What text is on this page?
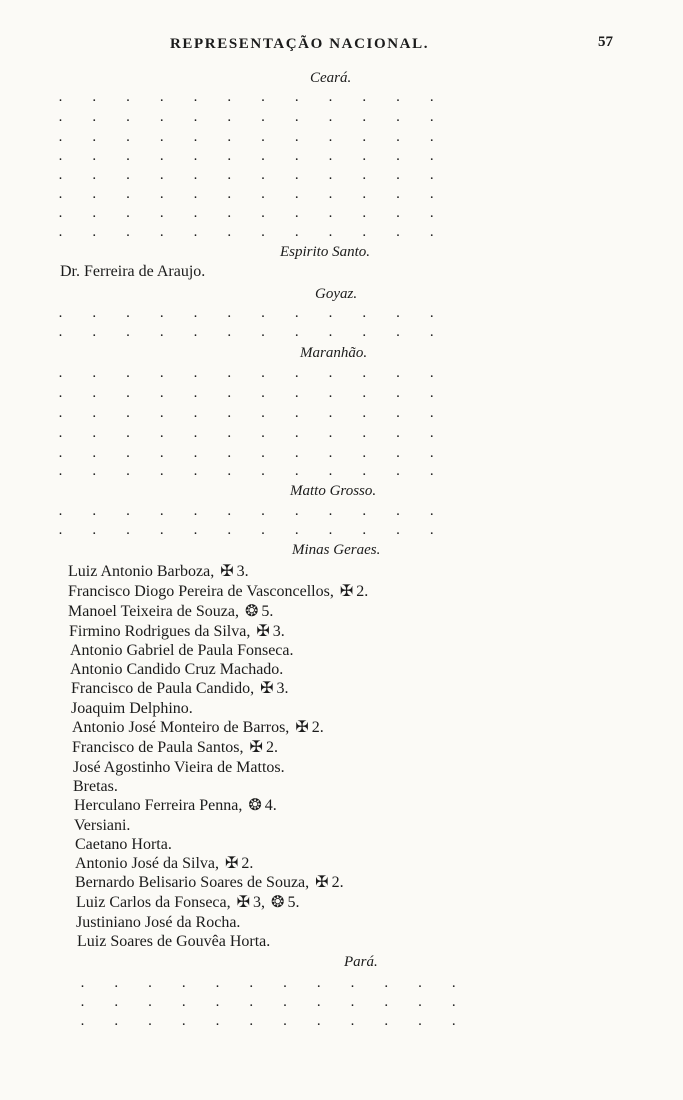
REPRESENTAÇÃO NACIONAL.	57
Ceará.
· · · · · · · · · · · ·
· · · · · · · · · · · ·
· · · · · · · · · · · ·
· · · · · · · · · · · ·
· · · · · · · · · · · ·
· · · · · · · · · · · ·
· · · · · · · · · · · ·
· · · · · · · · · · · ·
Espirito Santo.
Dr. Ferreira de Araujo.
Goyaz.
· · · · · · · · · · · ·
· · · · · · · · · · · ·
Maranhão.
· · · · · · · · · · · ·
· · · · · · · · · · · ·
· · · · · · · · · · · ·
· · · · · · · · · · · ·
· · · · · · · · · · · ·
· · · · · · · · · · · ·
Matto Grosso.
· · · · · · · · · · · ·
· · · · · · · · · · · ·
Minas Geraes.
Luiz Antonio Barboza, ✠ 3.
Francisco Diogo Pereira de Vasconcellos, ✠ 2.
Manoel Teixeira de Souza, ❂ 5.
Firmino Rodrigues da Silva, ✠ 3.
Antonio Gabriel de Paula Fonseca.
Antonio Candido Cruz Machado.
Francisco de Paula Candido, ✠ 3.
Joaquim Delphino.
Antonio José Monteiro de Barros, ✠ 2.
Francisco de Paula Santos, ✠ 2.
José Agostinho Vieira de Mattos.
Bretas.
Herculano Ferreira Penna, ❂ 4.
Versiani.
Caetano Horta.
Antonio José da Silva, ✠ 2.
Bernardo Belisario Soares de Souza, ✠ 2.
Luiz Carlos da Fonseca, ✠ 3, ❂ 5.
Justiniano José da Rocha.
Luiz Soares de Gouvêa Horta.
Pará.
· · · · · · · · · · · ·
· · · · · · · · · · · ·
· · · · · · · · · · · ·
